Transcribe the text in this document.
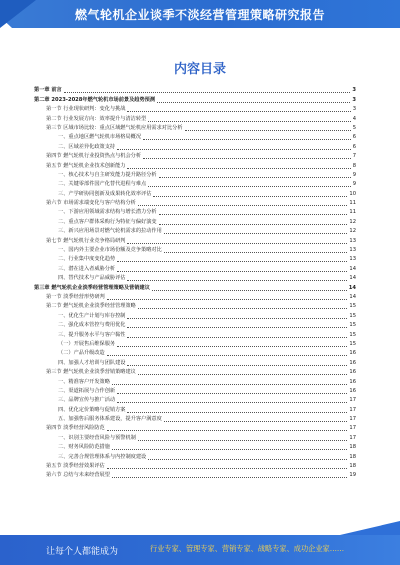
燃气轮机企业谈季不淡经营管理策略研究报告
内容目录
第一章 前言	3
第二章 2023-2028年燃气轮机市场前景及趋势预测	3
第一节 行业现状研判：变化与挑战	3
第二节 行业发展方向：效率提升与清洁转型	4
第三节 区域市场比较：重点区域燃气轮机应用需求对比分析	5
一、重点地区燃气轮机市场格局概况	6
二、区域差异化政策支持	6
第四节 燃气轮机行业投资热点与机会分析	7
第五节 燃气轮机企业技术创新能力	8
一、核心技术与自主研发能力提升路径分析	9
二、关键零部件国产化替代进程与难点	9
三、产学研协同创新及成果转化效率评估	10
第六节 市场需求端变化与客户结构分析	11
一、下游应用领域需求结构与增长潜力分析	11
二、重点客户群体采购行为特征与偏好演变	12
三、新兴应用场景对燃气轮机需求的拉动作用	12
第七节 燃气轮机行业竞争格局研判	13
一、国内外主要企业市场份额及竞争策略对比	13
二、行业集中度变化趋势	13
三、潜在进入者威胁分析	14
四、替代技术与产品威胁评估	14
第三章 燃气轮机企业淡季经营管理策略及营销建议	14
第一节 淡季经营形势研判	14
第二节 燃气轮机企业淡季经营管理策略	15
一、优化生产计划与库存控制	15
二、强化成本管控与费用优化	15
三、提升服务水平与客户黏性	15
（一）开展售后维保服务	15
（二）产品升级改造	16
四、加强人才培训与团队建设	16
第三节 燃气轮机企业淡季营销策略建议	16
一、精准客户开发策略	16
二、渠道拓展与合作创新	16
三、品牌宣传与推广活动	17
四、优化定价策略与促销方案	17
五、加强售后服务体系建设，提升客户满意度	17
第四节 淡季经营风险防范	17
一、识别主要经营风险与预警机制	17
二、财务风险防范措施	18
三、完善合规管理体系与内控制度建设	18
第五节 淡季经营效果评估	18
第六节 总结与未来经营展望	19
让每个人都能成为	行业专家、管理专家、营销专家、战略专家、成功企业家……
